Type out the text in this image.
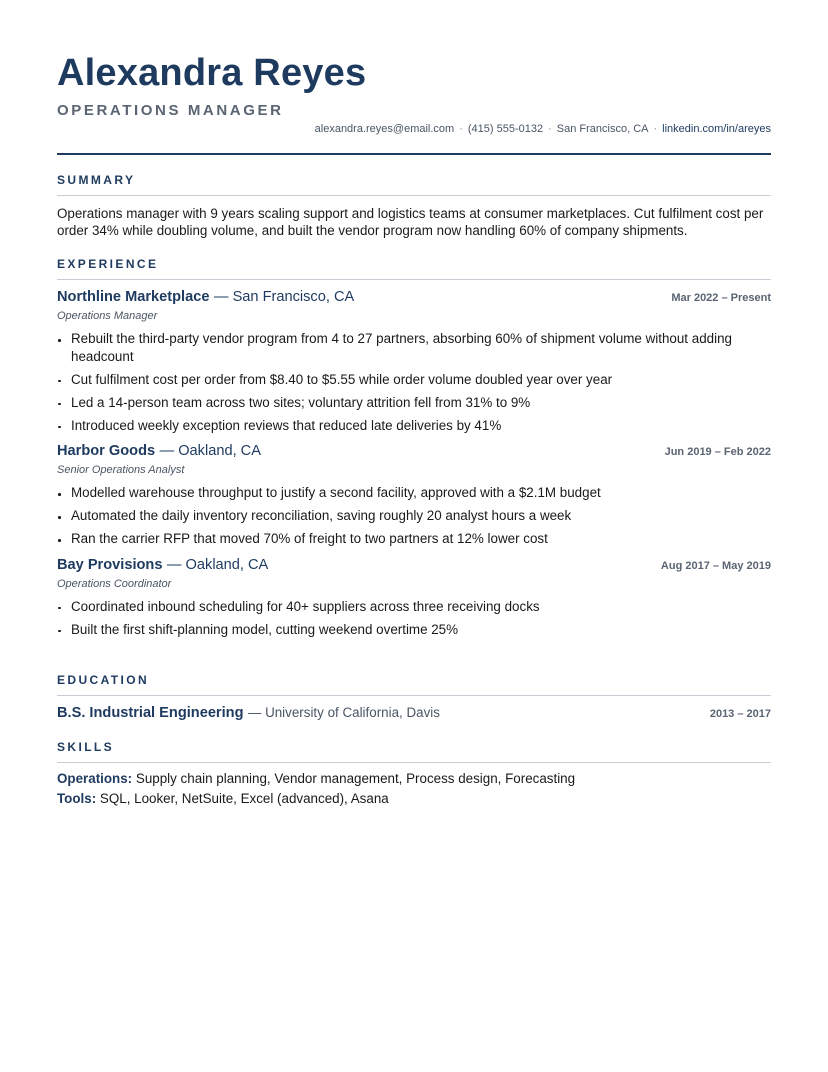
Alexandra Reyes
OPERATIONS MANAGER
alexandra.reyes@email.com · (415) 555-0132 · San Francisco, CA · linkedin.com/in/areyes
SUMMARY
Operations manager with 9 years scaling support and logistics teams at consumer marketplaces. Cut fulfilment cost per order 34% while doubling volume, and built the vendor program now handling 60% of company shipments.
EXPERIENCE
Northline Marketplace — San Francisco, CA	Mar 2022 – Present
Operations Manager
Rebuilt the third-party vendor program from 4 to 27 partners, absorbing 60% of shipment volume without adding headcount
Cut fulfilment cost per order from $8.40 to $5.55 while order volume doubled year over year
Led a 14-person team across two sites; voluntary attrition fell from 31% to 9%
Introduced weekly exception reviews that reduced late deliveries by 41%
Harbor Goods — Oakland, CA	Jun 2019 – Feb 2022
Senior Operations Analyst
Modelled warehouse throughput to justify a second facility, approved with a $2.1M budget
Automated the daily inventory reconciliation, saving roughly 20 analyst hours a week
Ran the carrier RFP that moved 70% of freight to two partners at 12% lower cost
Bay Provisions — Oakland, CA	Aug 2017 – May 2019
Operations Coordinator
Coordinated inbound scheduling for 40+ suppliers across three receiving docks
Built the first shift-planning model, cutting weekend overtime 25%
EDUCATION
B.S. Industrial Engineering — University of California, Davis	2013 – 2017
SKILLS
Operations: Supply chain planning, Vendor management, Process design, Forecasting
Tools: SQL, Looker, NetSuite, Excel (advanced), Asana
